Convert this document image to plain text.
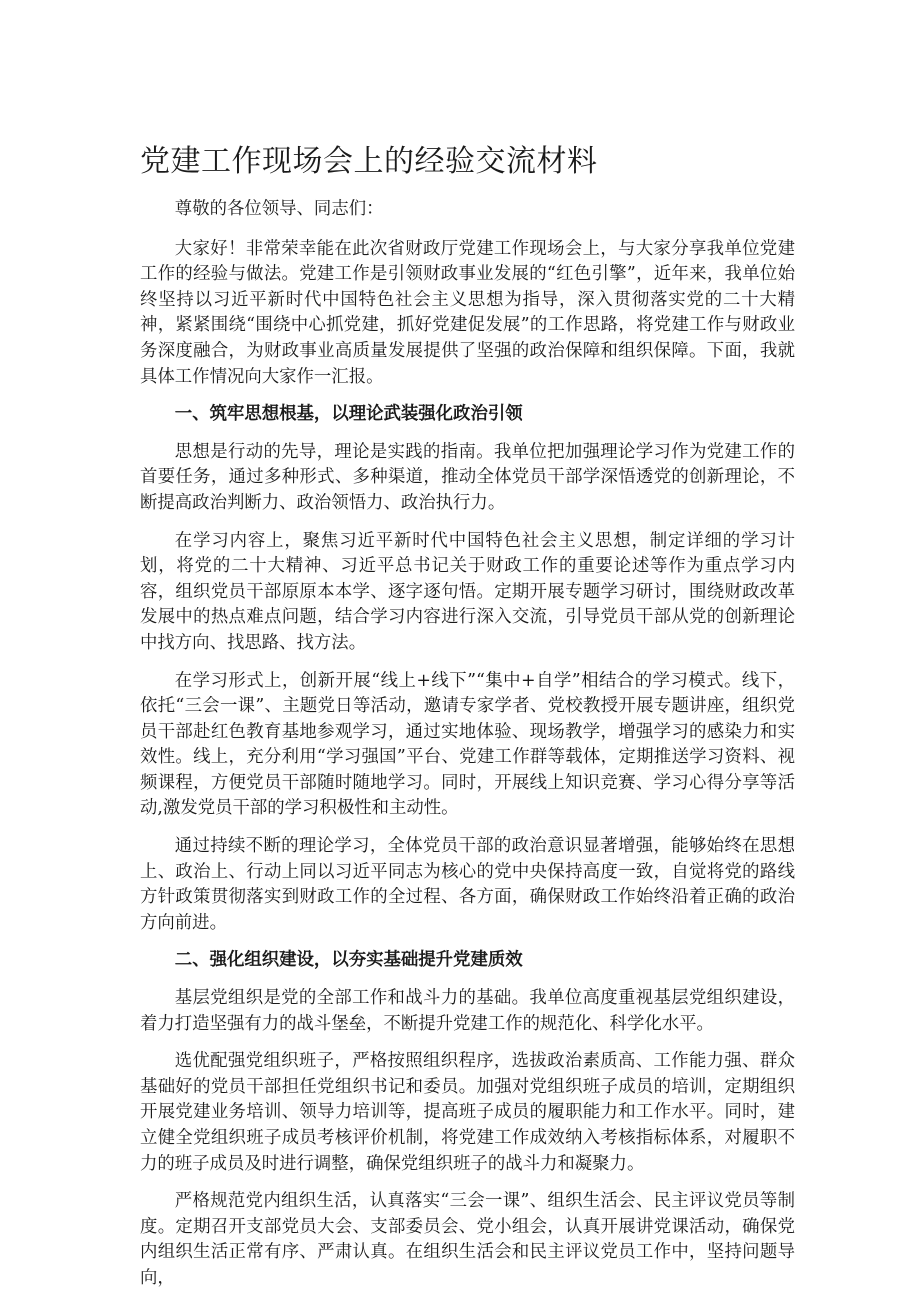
党建工作现场会上的经验交流材料

尊敬的各位领导、同志们：

大家好！非常荣幸能在此次省财政厅党建工作现场会上，与大家分享我单位党建工作的经验与做法。党建工作是引领财政事业发展的“红色引擎”，近年来，我单位始终坚持以习近平新时代中国特色社会主义思想为指导，深入贯彻落实党的二十大精神，紧紧围绕“围绕中心抓党建，抓好党建促发展”的工作思路，将党建工作与财政业务深度融合，为财政事业高质量发展提供了坚强的政治保障和组织保障。下面，我就具体工作情况向大家作一汇报。

一、筑牢思想根基，以理论武装强化政治引领

思想是行动的先导，理论是实践的指南。我单位把加强理论学习作为党建工作的首要任务，通过多种形式、多种渠道，推动全体党员干部学深悟透党的创新理论，不断提高政治判断力、政治领悟力、政治执行力。

在学习内容上，聚焦习近平新时代中国特色社会主义思想，制定详细的学习计划，将党的二十大精神、习近平总书记关于财政工作的重要论述等作为重点学习内容，组织党员干部原原本本学、逐字逐句悟。定期开展专题学习研讨，围绕财政改革发展中的热点难点问题，结合学习内容进行深入交流，引导党员干部从党的创新理论中找方向、找思路、找方法。

在学习形式上，创新开展“线上+线下”“集中+自学”相结合的学习模式。线下，依托“三会一课”、主题党日等活动，邀请专家学者、党校教授开展专题讲座，组织党员干部赴红色教育基地参观学习，通过实地体验、现场教学，增强学习的感染力和实效性。线上，充分利用“学习强国”平台、党建工作群等载体，定期推送学习资料、视频课程，方便党员干部随时随地学习。同时，开展线上知识竞赛、学习心得分享等活动,激发党员干部的学习积极性和主动性。

通过持续不断的理论学习，全体党员干部的政治意识显著增强，能够始终在思想上、政治上、行动上同以习近平同志为核心的党中央保持高度一致，自觉将党的路线方针政策贯彻落实到财政工作的全过程、各方面，确保财政工作始终沿着正确的政治方向前进。

二、强化组织建设，以夯实基础提升党建质效

基层党组织是党的全部工作和战斗力的基础。我单位高度重视基层党组织建设，着力打造坚强有力的战斗堡垒，不断提升党建工作的规范化、科学化水平。

选优配强党组织班子，严格按照组织程序，选拔政治素质高、工作能力强、群众基础好的党员干部担任党组织书记和委员。加强对党组织班子成员的培训，定期组织开展党建业务培训、领导力培训等，提高班子成员的履职能力和工作水平。同时，建立健全党组织班子成员考核评价机制，将党建工作成效纳入考核指标体系，对履职不力的班子成员及时进行调整，确保党组织班子的战斗力和凝聚力。

严格规范党内组织生活，认真落实“三会一课”、组织生活会、民主评议党员等制度。定期召开支部党员大会、支部委员会、党小组会，认真开展讲党课活动，确保党内组织生活正常有序、严肃认真。在组织生活会和民主评议党员工作中，坚持问题导向，
